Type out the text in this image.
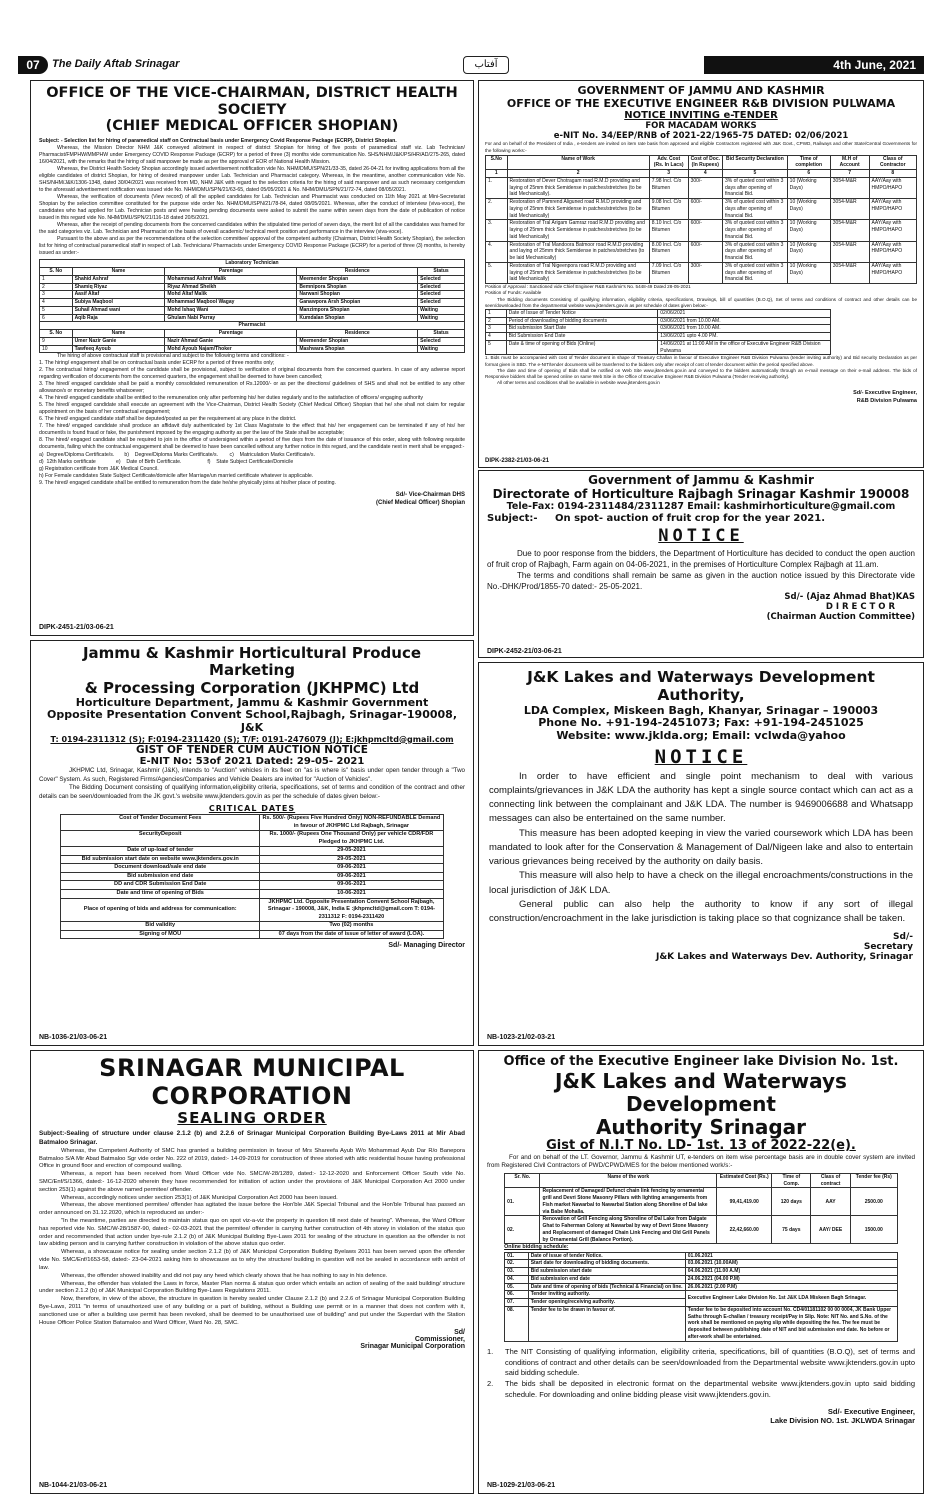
07	The Daily Aftab Srinagar	آفتاب	4th June, 2021
OFFICE OF THE VICE-CHAIRMAN, DISTRICT HEALTH SOCIETY
(CHIEF MEDICAL OFFICER SHOPIAN)
Subject: - Selection list for hiring of paramedical staff on Contractual basis under Emergency Covid Response Package (ECRP), District Shopian.
Whereas, the Mission Director NHM J&K conveyed allotment in respect of district Shopian for hiring of five posts of paramedical staff viz. Lab Technician/ Pharmacist/FMPHW/MMPHW under Emergency COVID Response Package (ECRP) for a period of three (3) months vide communication No. SHS/NHM/J&K/PS/HR/AD/275-265, dated 16/04/2021, with the remarks that the hiring of said manpower be made as per the approval of EOR of National Health Mission.
Whereas, the District Health Society Shopian accordingly issued advertisement notification vide No. NHM/DMU/SPN/21/33-35, dated 26-04-21 for inviting applications from all the eligible candidates of district Shopian, for hiring of desired manpower under Lab. Technician and Pharmacist category. Whereas, in the meantime, another communication vide No. SHS/NHM/J&K/1306-1348, dated 30/04/2021 was received from MD, NHM J&K with regard to the selection criteria for the hiring of said manpower and as such necessary corrigendum to the aforesaid advertisement notification was issued vide No. NHM/DMU/SPN/21/63-65, dated 05/05/2021 & No. NHM/DMU/SPN/21/72-74, dated 08/05/2021.
Whereas, the verification of documents (View record) of all the applied candidates for Lab. Technician and Pharmacist was conducted on 11th May 2021 at Mini-Secretariat Shopian by the selection committee constituted for the purpose vide order No. NHM/DMU/SPN/21/78-84, dated 08/05/2021. Whereas, after the conduct of interview (viva-voce), the candidates who had applied for Lab. Technician posts and were having pending documents were asked to submit the same within seven days from the date of publication of notice issued in this regard vide No. NHM/DMU/SPN/21/116-18 dated 20/5/2021.
Whereas, after the receipt of pending documents from the concerned candidates within the stipulated time period of seven days, the merit list of all the candidates was framed for the said categories viz. Lab. Technician and Pharmacist on the basis of overall academic/ technical merit position and performance in the interview (viva-voce).
Pursuant to the above and as per the recommendations of the selection committee/ approval of the competent authority (Chairman, District Health Society Shopian), the selection list for hiring of contractual paramedical staff in respect of Lab. Technicians/ Pharmacists under Emergency COVID Response Package (ECRP) for a period of three (3) months, is hereby issued as under:-
Laboratory Technician				
S. No	Name	Parentage	Residence	Status
1	Shahid Ashraf	Mohammad Ashraf Malik	Meemender Shopian	Selected
2	Shamiq Riyaz	Riyaz Ahmad Sheikh	Bemnipora Shopian	Selected
3	Aasif Altaf	Mohd Altaf Malik	Narwani Shopian	Selected
4	Subiya Maqbool	Mohammad Maqbool Wagay	Ganawpora Arsh Shopian	Selected
5	Suhail Ahmad wani	Mohd Ishaq Wani	Manzimpora Shopian	Waiting
6	Aqib Raja	Ghulam Nabi Parray	Kumdalan Shopian	Waiting
Pharmacist				
S. No	Name	Parentage	Residence	Status
9	Umer Nazir Ganie	Nazir Ahmad Ganie	Meemender Shopian	Selected
10	Tawfeeq Ayoub	Mohd Ayoub Najam/Thoker	Mashwara Shopian	Waiting
The hiring of above contractual staff is provisional and subject to the following terms and conditions: -
1. The hiring/ engagement shall be on contractual basis under ECRP for a period of three months only;
2. The contractual hiring/ engagement of the candidate shall be provisional, subject to verification of original documents from the concerned quarters. In case of any adverse report regarding verification of documents from the concerned quarters, the engagement shall be deemed to have been cancelled;
3. The hired/ engaged candidate shall be paid a monthly consolidated remuneration of Rs.12000/- or as per the directions/ guidelines of SHS and shall not be entitled to any other allowance/s or monetary benefits whatsoever;
4. The hired/ engaged candidate shall be entitled to the remuneration only after performing his/ her duties regularly and to the satisfaction of officers/ engaging authority
5. The hired/ engaged candidate shall execute an agreement with the Vice-Chairman, District Health Society (Chief Medical Officer) Shopian that he/ she shall not claim for regular appointment on the basis of her contractual engagement;
6. The hired/ engaged candidate staff shall be deputed/posted as per the requirement at any place in the district.
7. The hired/ engaged candidate shall produce an affidavit duly authenticated by 1st Class Magistrate to the effect that his/ her engagement can be terminated if any of his/ her document/s is found fraud or fake, the punishment imposed by the engaging authority as per the law of the State shall be acceptable;
8. The hired/ engaged candidate shall be required to join in the office of undersigned within a period of five days from the date of issuance of this order, along with following requisite documents, failing which the contractual engagement shall be deemed to have been cancelled without any further notice in this regard, and the candidate next in merit shall be engaged:-
a)  Degree/Diploma Certificate/s.       b)    Degree/Diploma Marks Certificate/s.        c)    Matriculation Marks Certificate/s.
d)  12th Marks certificate              e)    Date of Birth Certificate.                  f)    State Subject Certificate/Domicile
g) Registration certificate from J&K Medical Council.
h) For Female candidates State Subject Certificate/domicile after Marriage/un married certificate whatever is applicable.
9. The hired/ engaged candidate shall be entitled to remuneration from the date he/she physically joins at his/her place of posting.
Sd/- Vice-Chairman DHS
(Chief Medical Officer) Shopian
DIPK-2451-21/03-06-21
GOVERNMENT OF JAMMU AND KASHMIR
OFFICE OF THE EXECUTIVE ENGINEER R&B DIVISION PULWAMA
NOTICE INVITING e-TENDER
FOR MACADAM WORKS
e-NIT No. 34/EEP/RNB of 2021-22/1965-75 DATED: 02/06/2021
For and on behalf of the President of India , e-tenders are invited on item rate basis from approved and eligible Contractors registered with J&K Govt., CPWD, Railways and other State/Central Governments for the following works:-
S.No	Name of Work	Adv. Cost (Rs. In Lacs)	Cost of Doc. (In Rupees)	Bid Security Declaration	Time of completion	M.H of Account	Class of Contractor
1	2	3	4	5	6	7	8
1.	Restoration of Dever Chotragam road R.M.D providing and laying of 25mm thick Semidense in patches/stretches (to be laid Mechanically).	7.98 Incl. C/o Bitumen	300/-	3% of quoted cost within 3 days after opening of financial Bid.	10 (Working Days)	3054-M&R	AAY/Aay with HMPO/HAPO
2.	Restoration of Pamrend Aliguned road R.M.D providing and laying of 25mm thick Semidense in patches/stretches (to be laid Mechanically)	9.08 Incl. C/o Bitumen	600/-	3% of quoted cost within 3 days after opening of financial Bid.	10 (Working Days)	3054-M&R	AAY/Aay with HMPO/HAPO
3.	Restoration of Tral Arigam Gamraz road R.M.D providing and laying of 25mm thick Semidense in patches/stretches (to be laid Mechanically)	8.10 Incl. C/o Bitumen	600/-	3% of quoted cost within 3 days after opening of financial Bid.	10 (Working Days)	3054-M&R	AAY/Aay with HMPO/HAPO
4.	Restoration of Tral Mandoora Batmoor road R.M.D providing and laying of 25mm thick Semidense in patches/stretches (to be laid Mechanically)	8.00 Incl. C/o Bitumen	600/-	3% of quoted cost within 3 days after opening of financial Bid.	10 (Working Days)	3054-M&R	AAY/Aay with HMPO/HAPO
5.	Restoration of Tral Nigeenpora road R.M.D providing and laying of 25mm thick Semidense in patches/stretches (to be laid Mechanically)	7.09 Incl. C/o Bitumen	300/-	3% of quoted cost within 3 days after opening of financial Bid.	10 (Working Days)	3054-M&R	AAY/Aay with HMPO/HAPO
Position of Approval : Sanctioned vide Chief Engineer R&B Kashmir's No. 5448-49 Dated 28-05-2021
Position of Funds: Available
The Bidding documents Consisting of qualifying information, eligibility criteria, specifications, Drawings, bill of quantities (B.O.Q), Set of terms and conditions of contract and other details can be seen/downloaded from the departmental website www.jktenders.gov.in as per schedule of dates given below:-
1	Date of Issue of Tender Notice	02/06/2021
2	Period of downloading of bidding documents	03/06/2021 from 10.00 AM.
3	Bid submission Start Date	03/06/2021 from 10.00 AM.
4	Bid Submission End Date	13/06/2021 upto 4.00 PM.
5	Date & time of opening of Bids (Online)	14/06/2021 at 11:00 AM in the office of Executive Engineer R&B Division Pulwama
1. Bids must be accompanied with cost of Tender document in shape of Treasury Challan in favour of Executive Engineer R&B Division Pulwama (tender inviting authority) and Bid security Declaration as per format given in SBD. The e-NIT/tender documents will be transferred to the bidders only after receipt of cost of tender document within the period specified above.
The date and time of opening of Bids shall be notified on Web Site www.jktenders.gov.in and conveyed to the bidders automatically through an e-mail message on their e-mail address. The bids of Responsive bidders shall be opened online on same Web Site in the Office of Executive Engineer R&B Division Pulwama (Tender receiving authority).
All other terms and conditions shall be available in website www.jktenders.gov.in
Sd/- Executive Engineer,
R&B Division Pulwama
DIPK-2382-21/03-06-21
Government of Jammu & Kashmir
Directorate of Horticulture Rajbagh Srinagar Kashmir 190008
Tele-Fax: 0194-2311484/2311287 Email: kashmirhorticulture@gmail.com
Subject:- On spot- auction of fruit crop for the year 2021.
NOTICE
Due to poor response from the bidders, the Department of Horticulture has decided to conduct the open auction of fruit crop of Rajbagh, Farm again on 04-06-2021, in the premises of Horticulture Complex Rajbagh at 11.am.
The terms and conditions shall remain be same as given in the auction notice issued by this Directorate vide No.-DHK/Prod/1855-70 dated:- 25-05-2021.
Sd/- (Ajaz Ahmad Bhat)KAS
D I R E C T O R
(Chairman Auction Committee)
DIPK-2452-21/03-06-21
Jammu & Kashmir Horticultural Produce Marketing
& Processing Corporation (JKHPMC) Ltd
Horticulture Department, Jammu & Kashmir Government
Opposite Presentation Convent School,Rajbagh, Srinagar-190008, J&K
T: 0194-2311312 (S); F:0194-2311420 (S); T/F: 0191-2476079 (J); E:jkhpmcltd@gmail.com
GIST OF TENDER CUM AUCTION NOTICE
E-NIT No: 53of 2021 Dated: 29-05- 2021
JKHPMC Ltd, Srinagar, Kashmir (J&K), intends to "Auction" vehicles in its fleet on "as is where is" basis under open tender through a "Two Cover" System. As such, Registered Firms/Agencies/Companies and Vehicle Dealers are invited for "Auction of Vehicles".
The Bidding Document consisting of qualifying information,eligibility criteria, specifications, set of terms and condition of the contract and other details can be seen/downloaded from the JK govt.'s website www.jktenders.gov.in as per the schedule of dates given below:-
CRITICAL DATES
Cost of Tender Document Fees	Rs. 500/- (Rupees Five Hundred Only) NON-REFUNDABLE Demand in favour of JKHPMC Ltd Rajbagh, Srinagar
SecurityDeposit	Rs. 1000/- (Rupees One Thousand Only) per vehicle CDR/FDR Pledged to JKHPMC Ltd.
Date of up-load of tender	29-05-2021
Bid submission start date on website www.jktenders.gov.in	29-05-2021
Document download/sale end date	09-06-2021
Bid submission end date	09-06-2021
DD and CDR Submission End Date	09-06-2021
Date and time of opening of Bids	10-06-2021
Place of opening of bids and address for communication:	JKHPMC Ltd. Opposite Presentation Convent School Rajbagh, Srinagar - 190008, J&K, India E :jkhpmcltd@gmail.com T: 0194-2311312 F: 0194-2311420
Bid validity	Two (02) months
Signing of MOU	07 days from the date of issue of letter of award (LOA).
Sd/- Managing Director
NB-1036-21/03-06-21
J&K Lakes and Waterways Development Authority,
LDA Complex, Miskeen Bagh, Khanyar, Srinagar – 190003
Phone No. +91-194-2451073; Fax: +91-194-2451025
Website: www.jklda.org; Email: vclwda@yahoo
NOTICE
In order to have efficient and single point mechanism to deal with various complaints/grievances in J&K LDA the authority has kept a single source contact which can act as a connecting link between the complainant and J&K LDA. The number is 9469006688 and Whatsapp messages can also be entertained on the same number.
This measure has been adopted keeping in view the varied coursework which LDA has been mandated to look after for the Conservation & Management of Dal/Nigeen lake and also to entertain various grievances being received by the authority on daily basis.
This measure will also help to have a check on the illegal encroachments/constructions in the local jurisdiction of J&K LDA.
General public can also help the authority to know if any sort of illegal construction/encroachment in the lake jurisdiction is taking place so that cognizance shall be taken.
Sd/-
Secretary
J&K Lakes and Waterways Dev. Authority, Srinagar
NB-1023-21/02-03-21
SRINAGAR MUNICIPAL CORPORATION
SEALING ORDER
Subject:-Sealing of structure under clause 2.1.2 (b) and 2.2.6 of Srinagar Municipal Corporation Building Bye-Laws 2011 at Mir Abad Batmaloo Srinagar.
Whereas, the Competent Authority of SMC has granted a building permission in favour of Mrs Shareefa Ayub W/o Mohammad Ayub Dar R/o Banepora Batmaloo S/A Mir Abad Batmaloo Sgr vide order No. 222 of 2019, dated:- 14-09-2019 for construction of three storied with attic residential house having professional Office in ground floor and erection of compound walling.
Whereas, a report has been received from Ward Officer vide No. SMC/W-28/1289, dated:- 12-12-2020 and Enforcement Officer South vide No. SMC/Enf/S/1366, dated:- 16-12-2020 wherein they have recommended for initiation of action under the provisions of J&K Municipal Corporation Act 2000 under section 253(1) against the above named permitee/ offender.
Whereas, accordingly notices under section 253(1) of J&K Municipal Corporation Act 2000 has been issued.
Whereas, the above mentioned permitee/ offender has agitated the issue before the Hon'ble J&K Special Tribunal and the Hon'ble Tribunal has passed an order announced on 31.12.2020, which is reproduced as under:-
"In the meantime, parties are directed to maintain status quo on spot viz-a-viz the property in question till next date of hearing". Whereas, the Ward Officer has reported vide No. SMC/W-28/1587-90, dated:- 02-03-2021 that the permitee/ offender is carrying further construction of 4th storey in violation of the status quo order and recommended that action under bye-rule 2.1.2 (b) of J&K Municipal Building Bye-Laws 2011 for sealing of the structure in question as the offender is not law abiding person and is carrying further construction in violation of the above status quo order.
Whereas, a showcause notice for sealing under section 2.1.2 (b) of J&K Municipal Corporation Building Byelaws 2011 has been served upon the offender vide No. SMC/Enf/1653-58, dated:- 23-04-2021 asking him to showcause as to why the structure/ building in question will not be sealed in accordance with ambit of law.
Whereas, the offender showed inability and did not pay any heed which clearly shows that he has nothing to say in his defence.
Whereas, the offender has violated the Laws in force, Master Plan norms & status quo order which entails an action of sealing of the said building/ structure under section 2.1.2 (b) of J&K Municipal Corporation Building Bye-Laws Regulations 2011.
Now, therefore, in view of the above, the structure in question is hereby sealed under Clause 2.1.2 (b) and 2.2.6 of Srinagar Municipal Corporation Building Bye-Laws, 2011 "in terms of unauthorized use of any building or a part of building, without a Building use permit or in a manner that does not confirm with it, sanctioned use or after a building use permit has been revoked, shall be deemed to be unauthorised use of building" and put under the Superdari with the Station House Officer Police Station Batamaloo and Ward Officer, Ward No. 28, SMC.
Sd/
Commissioner,
Srinagar Municipal Corporation
NB-1044-21/03-06-21
Office of the Executive Engineer lake Division No. 1st.
J&K Lakes and Waterways Development
Authority Srinagar
Gist of N.I.T No. LD- 1st. 13 of 2022-22(e).
For and on behalf of the LT. Governor, Jammu & Kashmir UT, e-tenders on item wise percentage basis are in double cover system are invited from Registered Civil Contractors of PWD/CPWD/MES for the below mentioned work/s:-
Sr. No.	Name of the work	Estimated Cost (Rs.)	Time of Comp.	Class of contract	Tender fee (Rs)
01.	Replacement of Damaged/ Defunct chain link fencing by ornamental grill and Devri Stone Masonry Pillars with lighting arrangements from Fish market Nawarbal to Nawarbal Station along Shoreline of Dal lake via Babe Mohalla.	99,41,419.00	120 days	AAY	2500.00
02.	Renovation of Grill Fencing along Shoreline of Dal Lake from Dalgate Ghat to Faherman Colony at Nawarbal by way of Devri Stone Masonry and Replacement of damaged Chain Link Fencing and Old Grill Panels by Ornamental Grill (Balance Portion).	22,42,660.00	75 days	AAY/ DEE	1500.00
Online bidding schedule:
01.	Date of issue of tender Notice.	01.06.2021
02.	Start date for downloading of bidding documents.	03.06.2021 (10.00AM)
03.	Bid submission start date	04.06.2021 (11.00 A.M)
04.	Bid submission end date	24.06.2021 (04.00 P.M)
05.	Date and time of opening of bids (Technical & Financial) on line.	26.06.2021 (2.00 P.M)
06.	Tender inviting authority.	Executive Engineer Lake Division No. 1st J&K LDA Miskeen Bagh Srinagar.
07.	Tender opening/receiving authority.	
08.	Tender fee to be drawn in favour of.	Tender fee to be deposited into account No. CD4/01181102 00 00 0004, JK Bank Upper Sathu through E-challan / treasury receipt/Pay in Slip. Note: NIT No. and S.No. of the work shall be mentioned on paying slip while depositing the fee. The fee must be deposited between publishing date of NIT and bid submission end date. No before or after-work shall be entertained.
1.	The NIT Consisting of qualifying information, eligibility criteria, specifications, bill of quantities (B.O.Q), set of terms and conditions of contract and other details can be seen/downloaded from the Departmental website www.jktenders.gov.in upto said bidding schedule.
2.	The bids shall be deposited in electronic format on the departmental website www.jktenders.gov.in upto said bidding schedule. For downloading and online bidding please visit www.jktenders.gov.in.
Sd/- Executive Engineer,
Lake Division NO. 1st. JKLWDA Srinagar
NB-1029-21/03-06-21
